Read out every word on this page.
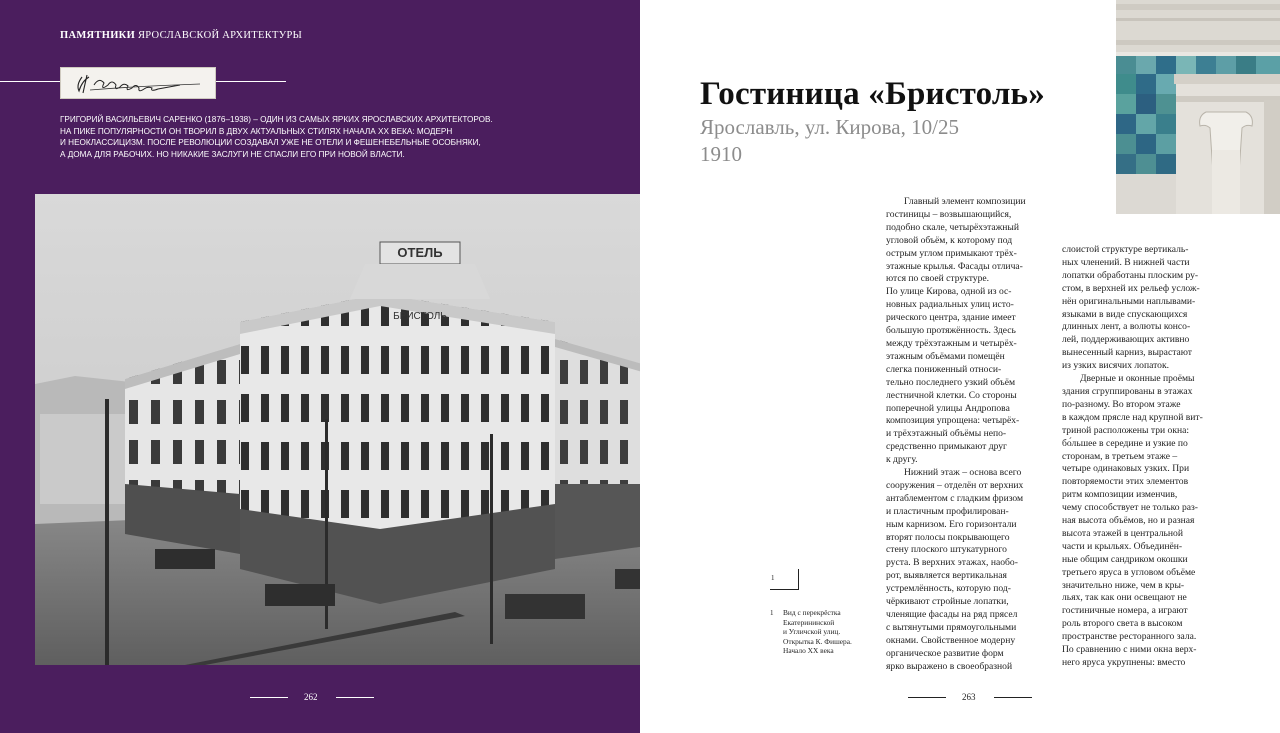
ПАМЯТНИКИ ЯРОСЛАВСКОЙ АРХИТЕКТУРЫ
ГРИГОРИЙ ВАСИЛЬЕВИЧ САРЕНКО (1876–1938) – ОДИН ИЗ САМЫХ ЯРКИХ ЯРОСЛАВСКИХ АРХИТЕКТОРОВ.
НА ПИКЕ ПОПУЛЯРНОСТИ ОН ТВОРИЛ В ДВУХ АКТУАЛЬНЫХ СТИЛЯХ НАЧАЛА XX ВЕКА: МОДЕРН
И НЕОКЛАССИЦИЗМ. ПОСЛЕ РЕВОЛЮЦИИ СОЗДАВАЛ УЖЕ НЕ ОТЕЛИ И ФЕШЕНЕБЕЛЬНЫЕ ОСОБНЯКИ,
А ДОМА ДЛЯ РАБОЧИХ. НО НИКАКИЕ ЗАСЛУГИ НЕ СПАСЛИ ЕГО ПРИ НОВОЙ ВЛАСТИ.
ОТЕЛЬ
БРИСТОЛЬ
262
Гостиница «Бристоль»
Ярославль, ул. Кирова, 10/25
1910
Главный элемент композиции
гостиницы – возвышающийся,
подобно скале, четырёхэтажный
угловой объём, к которому под
острым углом примыкают трёх-
этажные крылья. Фасады отлича-
ются по своей структуре.
По улице Кирова, одной из ос-
новных радиальных улиц исто-
рического центра, здание имеет
большую протяжённость. Здесь
между трёхэтажным и четырёх-
этажным объёмами помещён
слегка пониженный относи-
тельно последнего узкий объём
лестничной клетки. Со стороны
поперечной улицы Андропова
композиция упрощена: четырёх-
и трёхэтажный объёмы непо-
средственно примыкают друг
к другу.
Нижний этаж – основа всего
сооружения – отделён от верхних
антаблементом с гладким фризом
и пластичным профилирован-
ным карнизом. Его горизонтали
вторят полосы покрывающего
стену плоского штукатурного
руста. В верхних этажах, наобо-
рот, выявляется вертикальная
устремлённость, которую под-
чёркивают стройные лопатки,
членящие фасады на ряд прясел
с вытянутыми прямоугольными
окнами. Свойственное модерну
органическое развитие форм
ярко выражено в своеобразной
слоистой структуре вертикаль-
ных членений. В нижней части
лопатки обработаны плоским ру-
стом, в верхней их рельеф услож-
нён оригинальными наплывами-
языками в виде спускающихся
длинных лент, а волюты консо-
лей, поддерживающих активно
вынесенный карниз, вырастают
из узких висячих лопаток.
Дверные и оконные проёмы
здания сгруппированы в этажах
по-разному. Во втором этаже
в каждом прясле над крупной вит-
триной расположены три окна:
бо́льшее в середине и узкие по
сторонам, в третьем этаже –
четыре одинаковых узких. При
повторяемости этих элементов
ритм композиции изменчив,
чему способствует не только раз-
ная высота объёмов, но и разная
высота этажей в центральной
части и крыльях. Объединён-
ные общим сандриком окошки
третьего яруса в угловом объёме
значительно ниже, чем в кры-
льях, так как они освещают не
гостиничные номера, а играют
роль второго света в высоком
пространстве ресторанного зала.
По сравнению с ними окна верх-
него яруса укрупнены: вместо
1
1 Вид с перекрёстка
Екатерининской
и Угличской улиц.
Открытка К. Фишера.
Начало XX века
263
